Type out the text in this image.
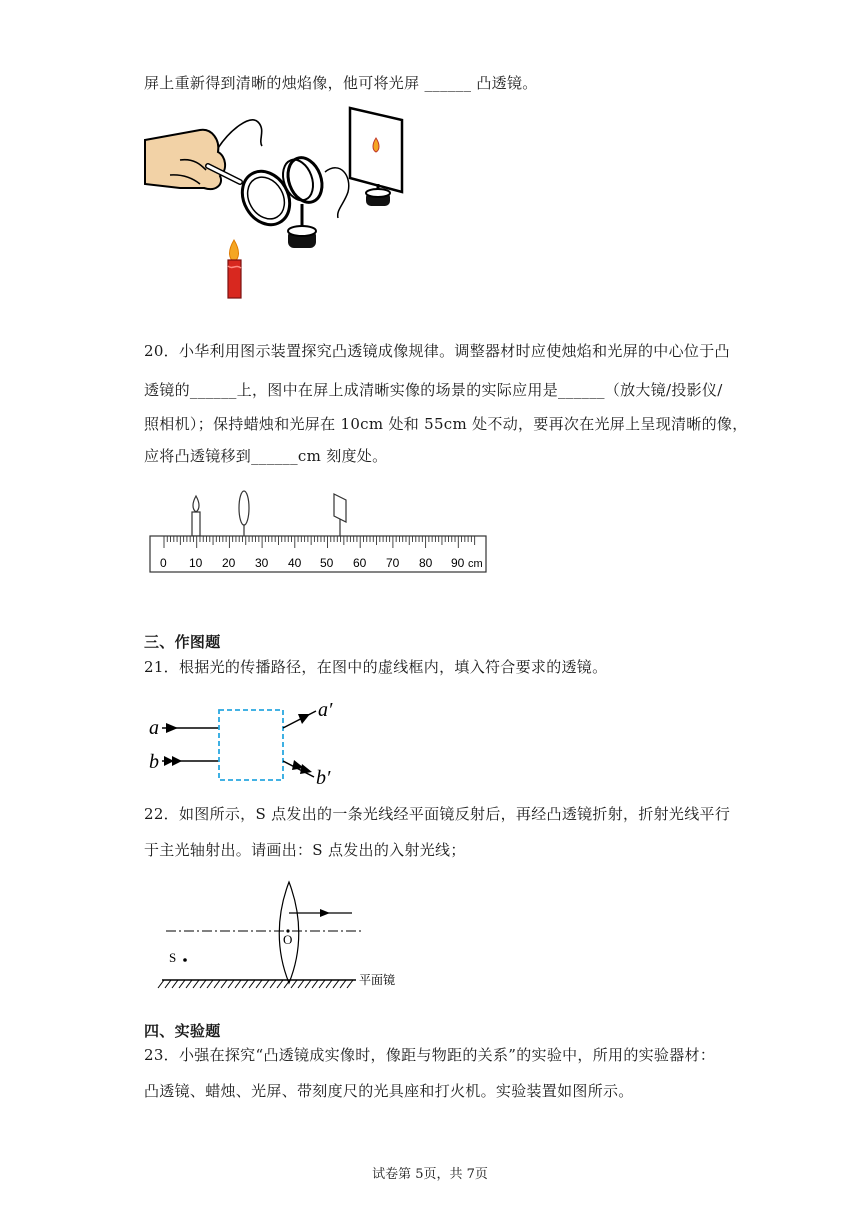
屏上重新得到清晰的烛焰像，他可将光屏 ______ 凸透镜。
20．小华利用图示装置探究凸透镜成像规律。调整器材时应使烛焰和光屏的中心位于凸
透镜的______上，图中在屏上成清晰实像的场景的实际应用是______（放大镜/投影仪/
照相机）；保持蜡烛和光屏在 10cm 处和 55cm 处不动，要再次在光屏上呈现清晰的像，
应将凸透镜移到______cm 刻度处。
0 10 20 30 40 50 60 70 80 90 cm
三、作图题
21．根据光的传播路径，在图中的虚线框内，填入符合要求的透镜。
a
b
a′
b′
22．如图所示，S 点发出的一条光线经平面镜反射后，再经凸透镜折射，折射光线平行
于主光轴射出。请画出：S 点发出的入射光线；
O
S
平面镜
四、实验题
23．小强在探究“凸透镜成实像时，像距与物距的关系”的实验中，所用的实验器材：
凸透镜、蜡烛、光屏、带刻度尺的光具座和打火机。实验装置如图所示。
试卷第 5页，共 7页
